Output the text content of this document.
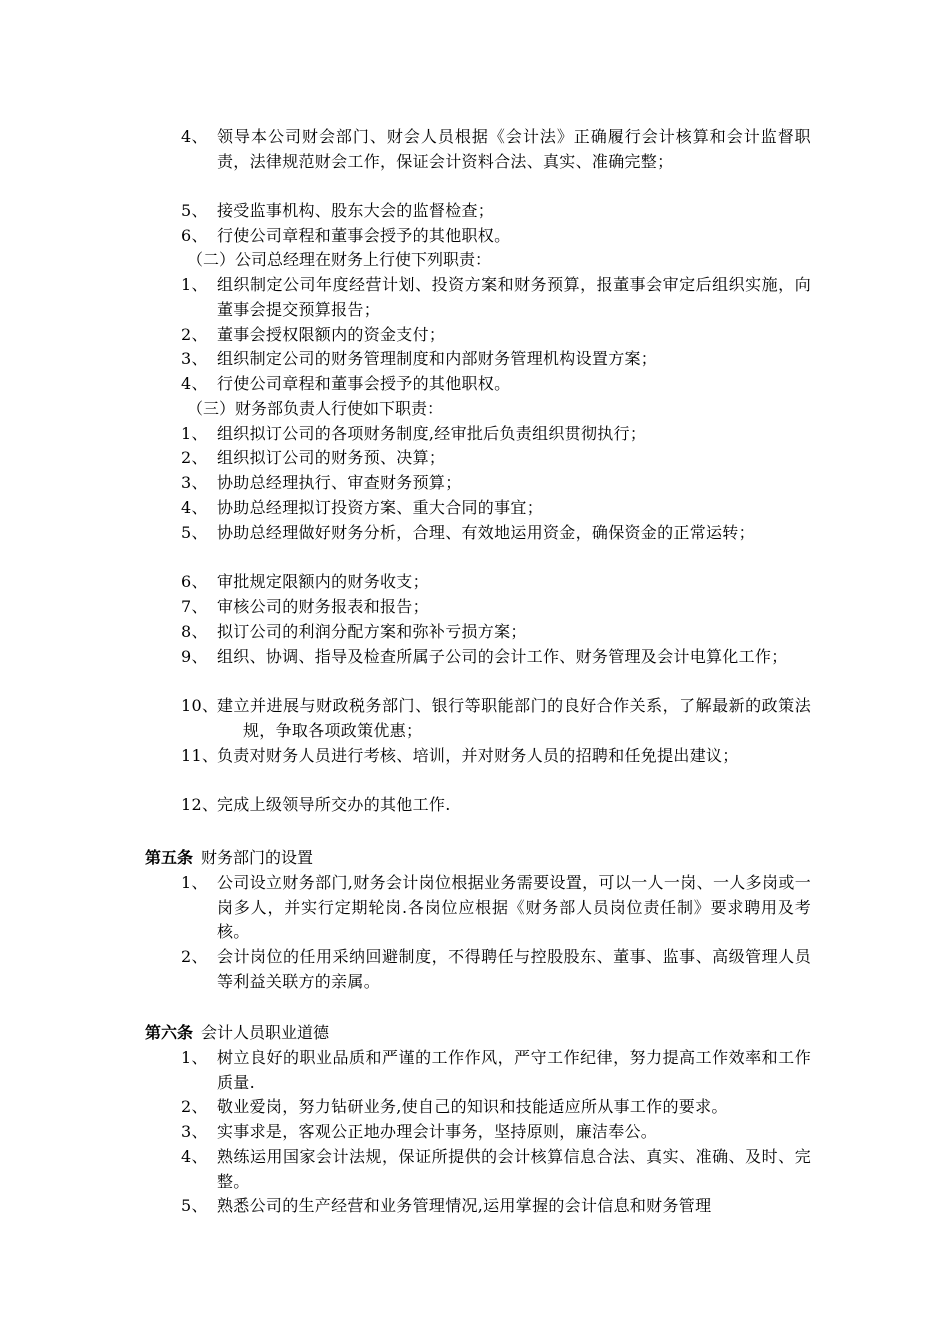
4、 领导本公司财会部门、财会人员根据《会计法》正确履行会计核算和会计监督职责，法律规范财会工作，保证会计资料合法、真实、准确完整；
5、 接受监事机构、股东大会的监督检查；
6、 行使公司章程和董事会授予的其他职权。
（二）公司总经理在财务上行使下列职责：
1、 组织制定公司年度经营计划、投资方案和财务预算，报董事会审定后组织实施，向董事会提交预算报告；
2、 董事会授权限额内的资金支付；
3、 组织制定公司的财务管理制度和内部财务管理机构设置方案；
4、 行使公司章程和董事会授予的其他职权。
（三）财务部负责人行使如下职责：
1、 组织拟订公司的各项财务制度,经审批后负责组织贯彻执行；
2、 组织拟订公司的财务预、决算；
3、 协助总经理执行、审查财务预算；
4、 协助总经理拟订投资方案、重大合同的事宜；
5、 协助总经理做好财务分析，合理、有效地运用资金，确保资金的正常运转；
6、 审批规定限额内的财务收支；
7、 审核公司的财务报表和报告；
8、 拟订公司的利润分配方案和弥补亏损方案；
9、 组织、协调、指导及检查所属子公司的会计工作、财务管理及会计电算化工作；
10、
建立并进展与财政税务部门、银行等职能部门的良好合作关系，了解最新的政策法规，争取各项政策优惠；
11、
负责对财务人员进行考核、培训，并对财务人员的招聘和任免提出建议；
12、
完成上级领导所交办的其他工作.
第五条 财务部门的设置
1、 公司设立财务部门,财务会计岗位根据业务需要设置，可以一人一岗、一人多岗或一岗多人，并实行定期轮岗.各岗位应根据《财务部人员岗位责任制》要求聘用及考核。
2、 会计岗位的任用采纳回避制度，不得聘任与控股股东、董事、监事、高级管理人员等利益关联方的亲属。
第六条 会计人员职业道德
1、 树立良好的职业品质和严谨的工作作风，严守工作纪律，努力提高工作效率和工作质量.
2、 敬业爱岗，努力钻研业务,使自己的知识和技能适应所从事工作的要求。
3、 实事求是，客观公正地办理会计事务，坚持原则，廉洁奉公。
4、 熟练运用国家会计法规，保证所提供的会计核算信息合法、真实、准确、及时、完整。
5、 熟悉公司的生产经营和业务管理情况,运用掌握的会计信息和财务管理
